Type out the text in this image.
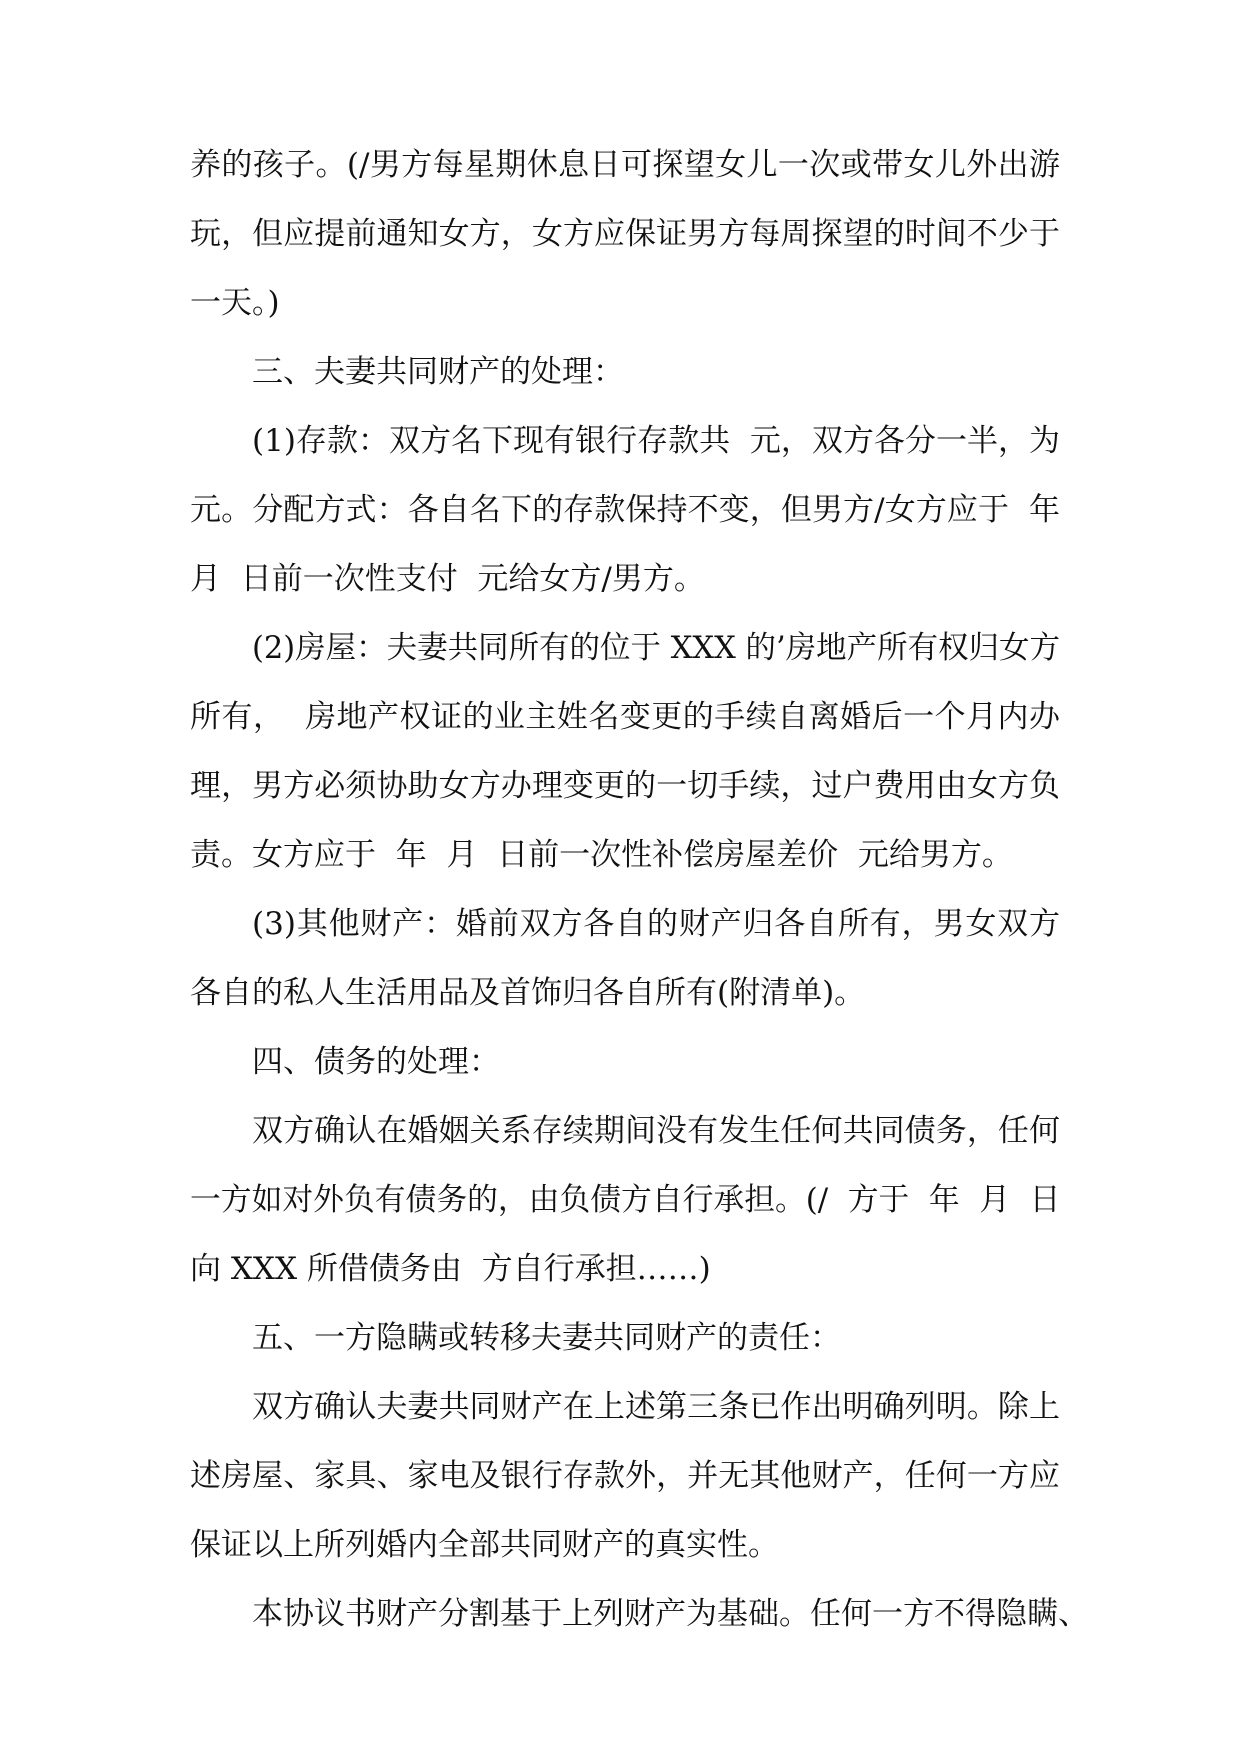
养的孩子。(/男方每星期休息日可探望女儿一次或带女儿外出游
玩，但应提前通知女方，女方应保证男方每周探望的时间不少于
一天。)
三、夫妻共同财产的处理：
(1)存款：双方名下现有银行存款共  元，双方各分一半，为
元。分配方式：各自名下的存款保持不变，但男方/女方应于  年
月  日前一次性支付  元给女方/男方。
(2)房屋：夫妻共同所有的位于 XXX 的’房地产所有权归女方
所有，  房地产权证的业主姓名变更的手续自离婚后一个月内办
理，男方必须协助女方办理变更的一切手续，过户费用由女方负
责。女方应于  年  月  日前一次性补偿房屋差价  元给男方。
(3)其他财产：婚前双方各自的财产归各自所有，男女双方
各自的私人生活用品及首饰归各自所有(附清单)。
四、债务的处理：
双方确认在婚姻关系存续期间没有发生任何共同债务，任何
一方如对外负有债务的，由负债方自行承担。(/  方于  年  月  日
向 XXX 所借债务由  方自行承担……)
五、一方隐瞒或转移夫妻共同财产的责任：
双方确认夫妻共同财产在上述第三条已作出明确列明。除上
述房屋、家具、家电及银行存款外，并无其他财产，任何一方应
保证以上所列婚内全部共同财产的真实性。
本协议书财产分割基于上列财产为基础。任何一方不得隐瞒、
